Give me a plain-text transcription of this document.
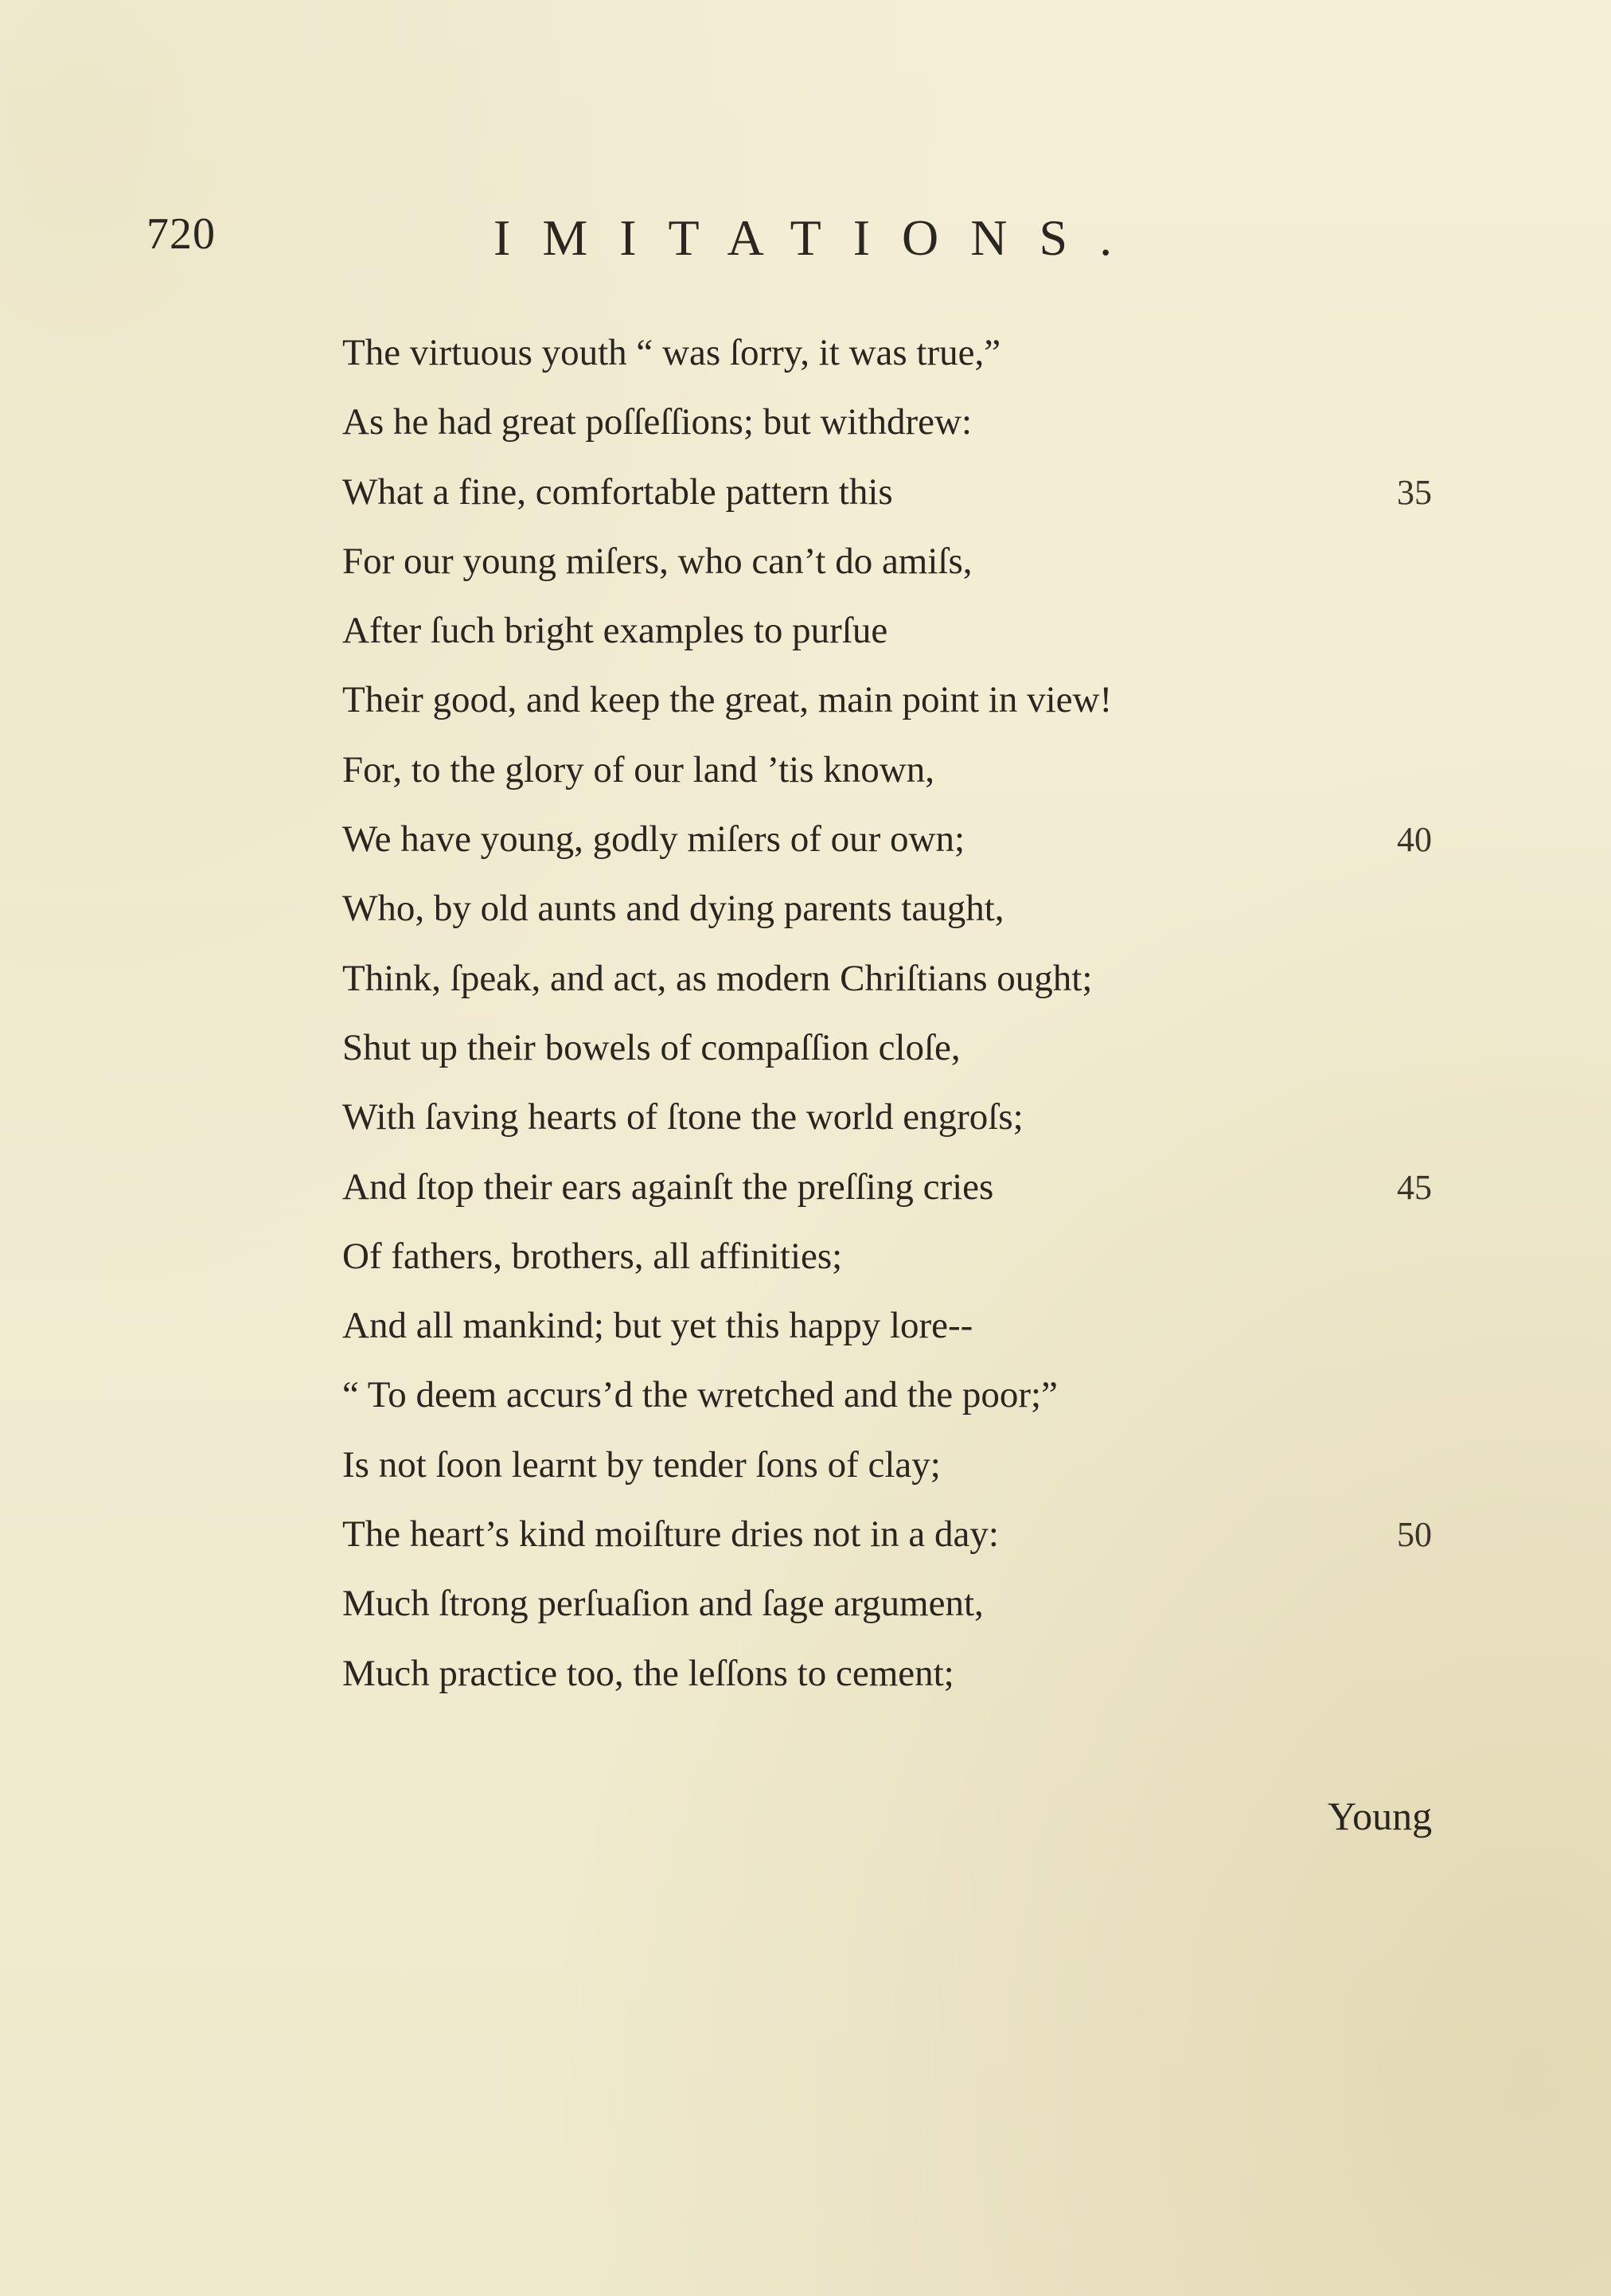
720	IMITATIONS.
The virtuous youth “ was ſorry, it was true,”
As he had great poſſeſſions; but withdrew:
What a fine, comfortable pattern this	35
For our young miſers, who can’t do amiſs,
After ſuch bright examples to purſue
Their good, and keep the great, main point in view!
For, to the glory of our land ’tis known,
We have young, godly miſers of our own;	40
Who, by old aunts and dying parents taught,
Think, ſpeak, and act, as modern Chriſtians ought;
Shut up their bowels of compaſſion cloſe,
With ſaving hearts of ſtone the world engroſs;
And ſtop their ears againſt the preſſing cries	45
Of fathers, brothers, all affinities;
And all mankind; but yet this happy lore--
“ To deem accurs’d the wretched and the poor;”
Is not ſoon learnt by tender ſons of clay;
The heart’s kind moiſture dries not in a day:	50
Much ſtrong perſuaſion and ſage argument,
Much practice too, the leſſons to cement;
Young
